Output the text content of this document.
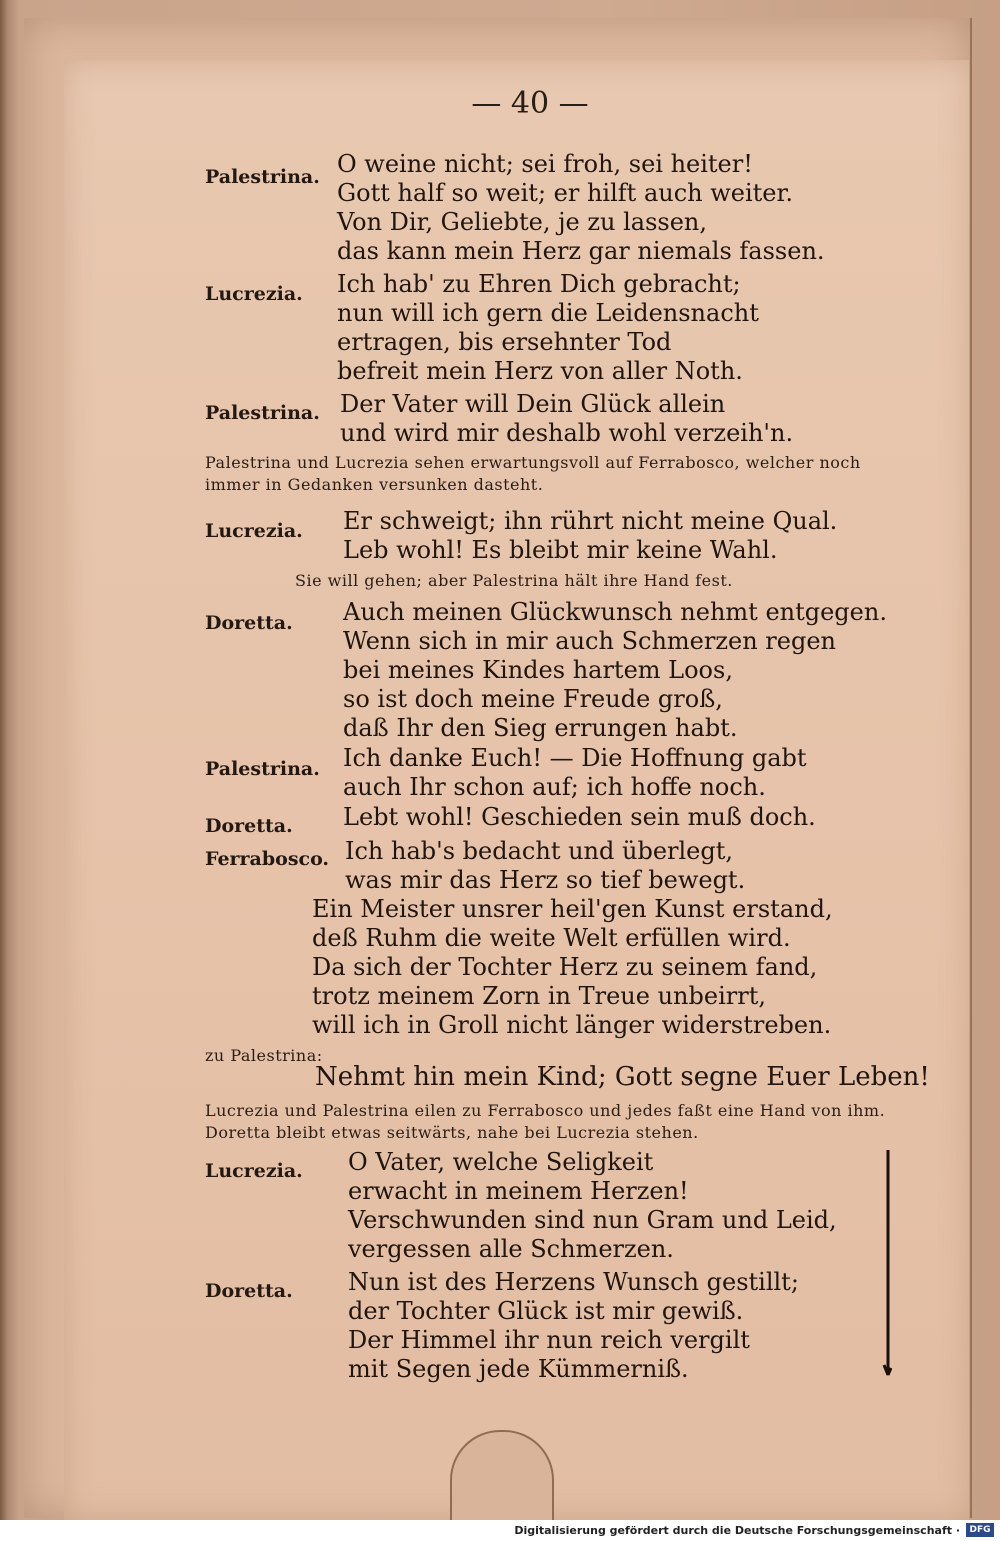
— 40 —
Palestrina. O weine nicht; sei froh, sei heiter!
Gott half so weit; er hilft auch weiter.
Von Dir, Geliebte, je zu lassen,
das kann mein Herz gar niemals fassen.
Lucrezia. Ich hab' zu Ehren Dich gebracht;
nun will ich gern die Leidensnacht
ertragen, bis ersehnter Tod
befreit mein Herz von aller Noth.
Palestrina. Der Vater will Dein Glück allein
und wird mir deshalb wohl verzeih'n.
Palestrina und Lucrezia sehen erwartungsvoll auf Ferrabosco, welcher noch immer in Gedanken versunken dasteht.
Lucrezia. Er schweigt; ihn rührt nicht meine Qual.
Leb wohl! Es bleibt mir keine Wahl.
Sie will gehen; aber Palestrina hält ihre Hand fest.
Doretta. Auch meinen Glückwunsch nehmt entgegen.
Wenn sich in mir auch Schmerzen regen
bei meines Kindes hartem Loos,
so ist doch meine Freude groß,
daß Ihr den Sieg errungen habt.
Palestrina. Ich danke Euch! — Die Hoffnung gabt
auch Ihr schon auf; ich hoffe noch.
Doretta. Lebt wohl! Geschieden sein muß doch.
Ferrabosco. Ich hab's bedacht und überlegt,
was mir das Herz so tief bewegt.
Ein Meister unsrer heil'gen Kunst erstand,
deß Ruhm die weite Welt erfüllen wird.
Da sich der Tochter Herz zu seinem fand,
trotz meinem Zorn in Treue unbeirrt,
will ich in Groll nicht länger widerstreben.
zu Palestrina:
Nehmt hin mein Kind; Gott segne Euer Leben!
Lucrezia und Palestrina eilen zu Ferrabosco und jedes faßt eine Hand von ihm. Doretta bleibt etwas seitwärts, nahe bei Lucrezia stehen.
Lucrezia. O Vater, welche Seligkeit
erwacht in meinem Herzen!
Verschwunden sind nun Gram und Leid,
vergessen alle Schmerzen.
Doretta. Nun ist des Herzens Wunsch gestillt;
der Tochter Glück ist mir gewiß.
Der Himmel ihr nun reich vergilt
mit Segen jede Kümmerniß.
Digitalisierung gefördert durch die Deutsche Forschungsgemeinschaft ·	DFG
